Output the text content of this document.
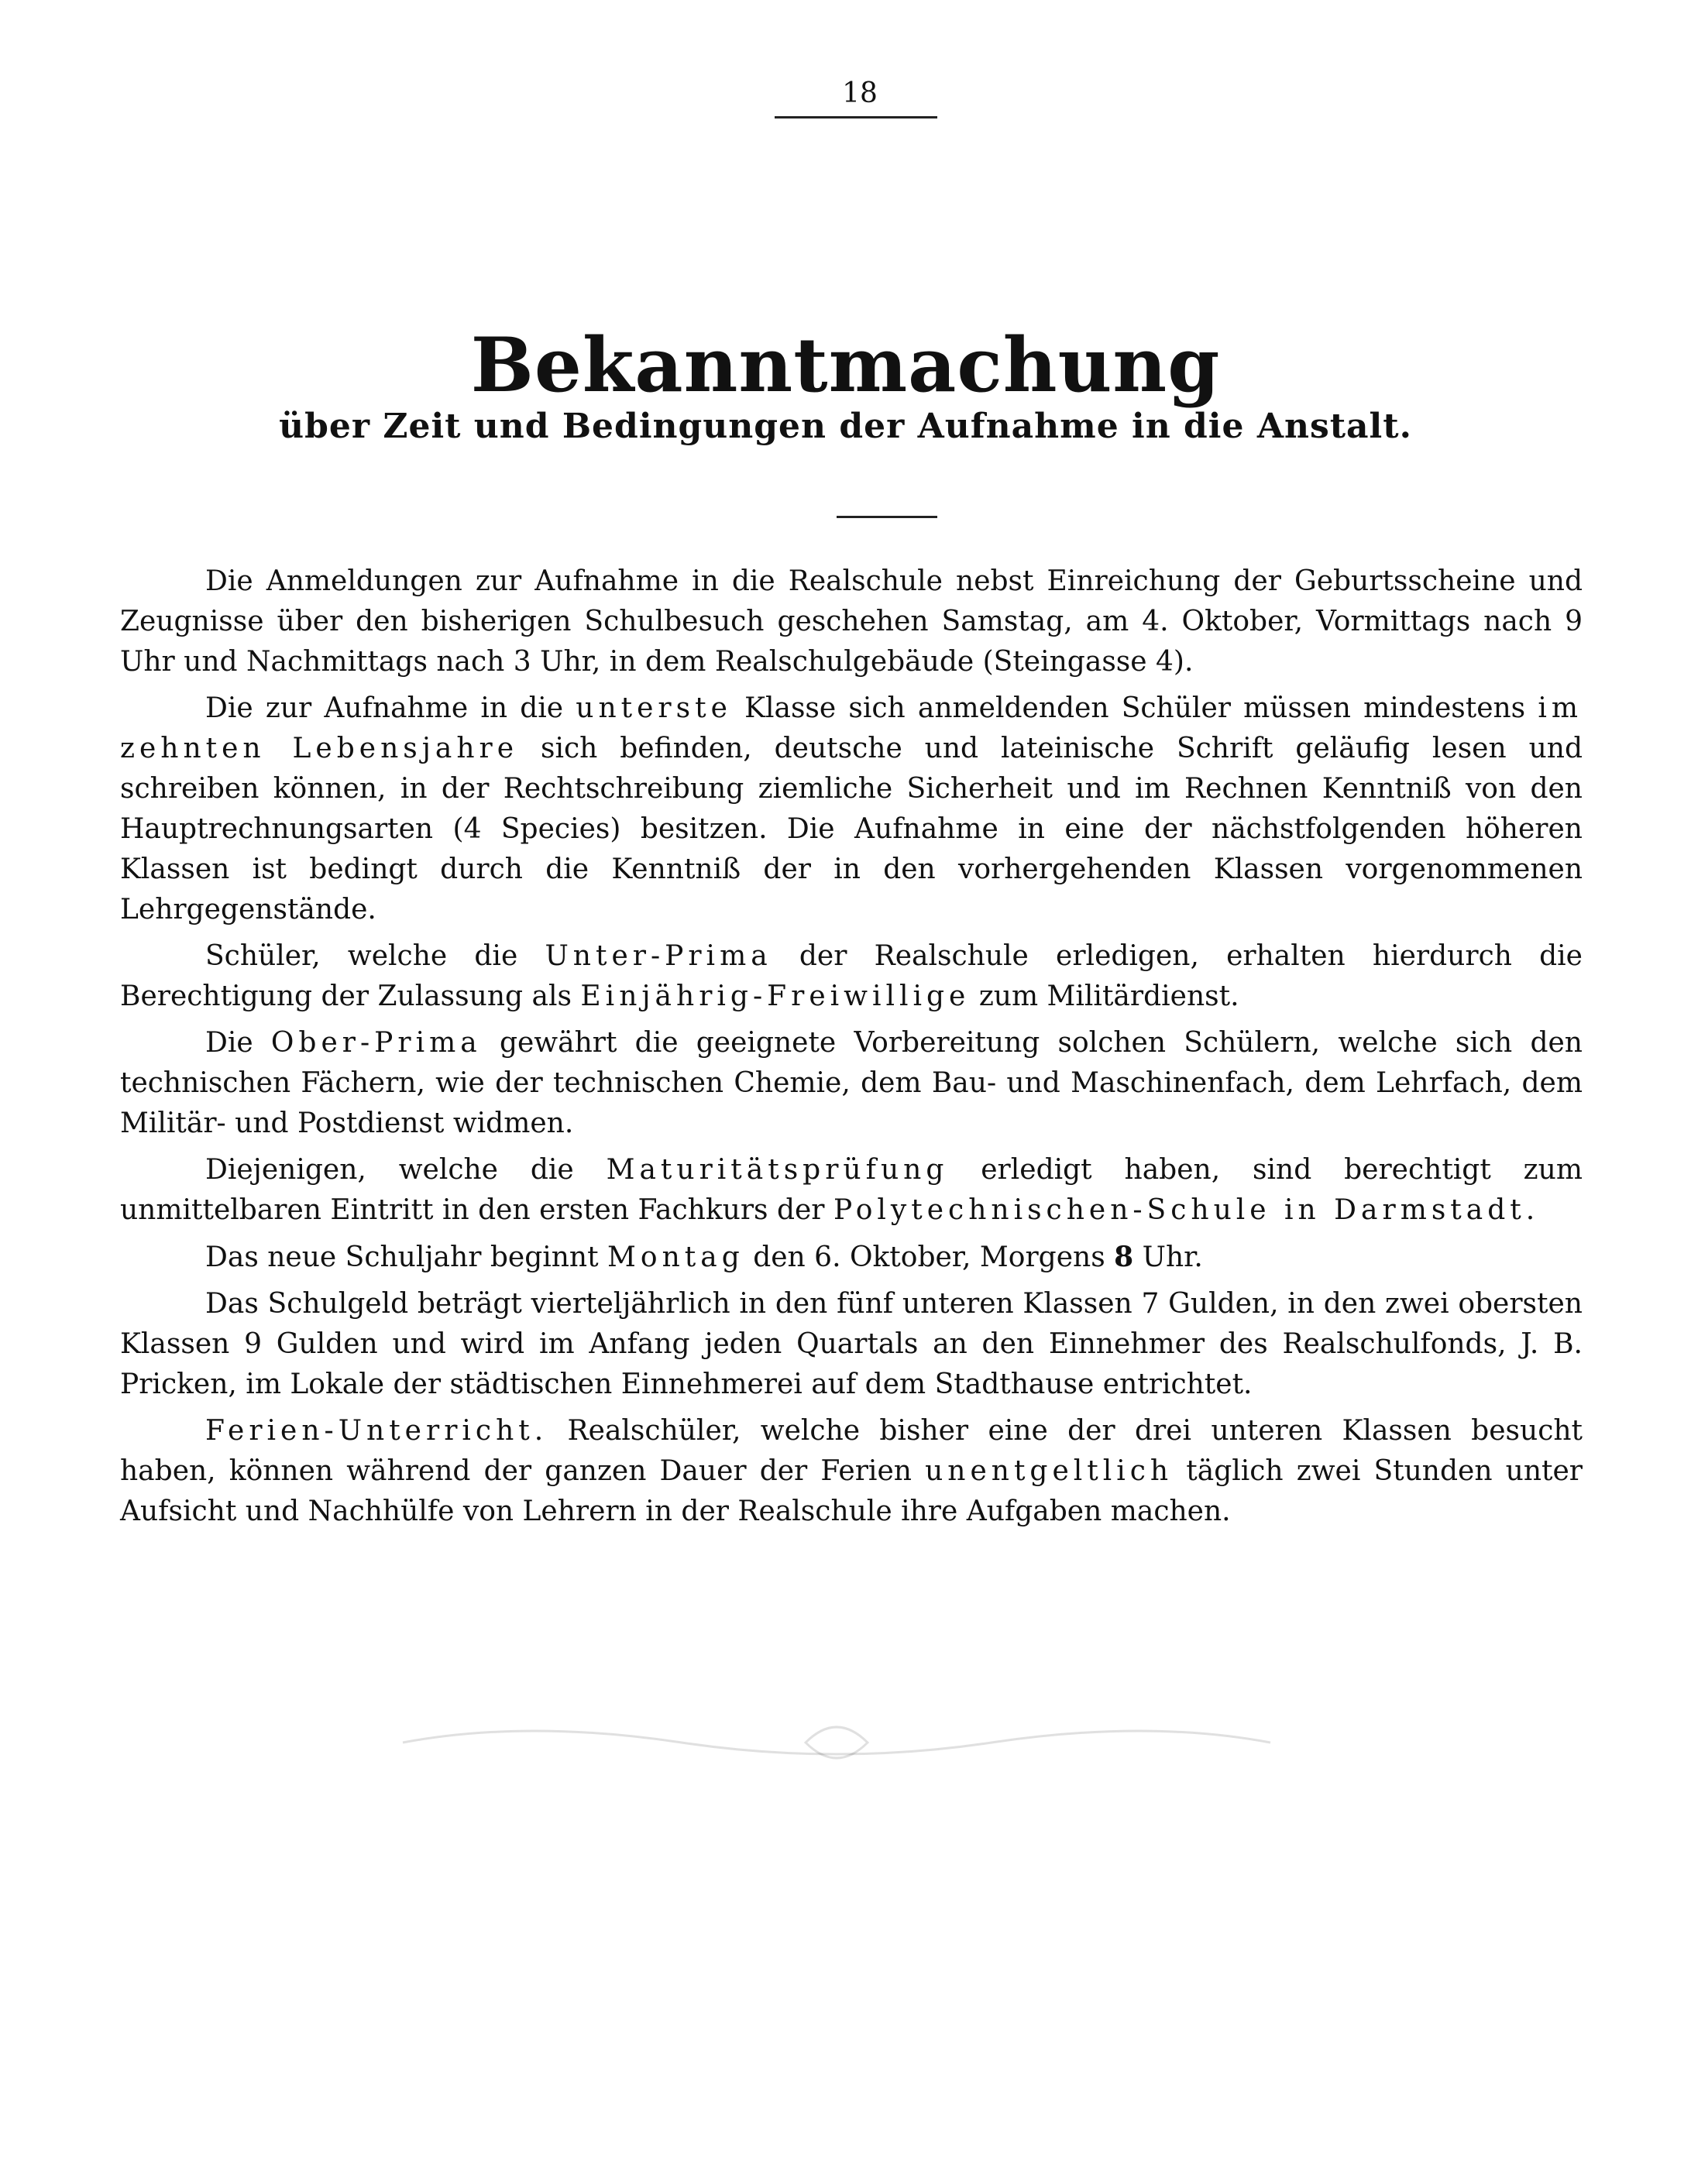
18
Bekanntmachung
über Zeit und Bedingungen der Aufnahme in die Anstalt.

Die Anmeldungen zur Aufnahme in die Realschule nebst Einreichung der Geburtsscheine und Zeugnisse über den bisherigen Schulbesuch geschehen Samstag, am 4. Oktober, Vormittags nach 9 Uhr und Nachmittags nach 3 Uhr, in dem Realschulgebäude (Steingasse 4).

Die zur Aufnahme in die unterste Klasse sich anmeldenden Schüler müssen mindestens im zehnten Lebensjahre sich befinden, deutsche und lateinische Schrift geläufig lesen und schreiben können, in der Rechtschreibung ziemliche Sicherheit und im Rechnen Kenntniß von den Hauptrechnungsarten (4 Species) besitzen. Die Aufnahme in eine der nächstfolgenden höheren Klassen ist bedingt durch die Kenntniß der in den vorhergehenden Klassen vorgenommenen Lehrgegenstände.

Schüler, welche die Unter-Prima der Realschule erledigen, erhalten hierdurch die Berechtigung der Zulassung als Einjährig-Freiwillige zum Militärdienst.

Die Ober-Prima gewährt die geeignete Vorbereitung solchen Schülern, welche sich den technischen Fächern, wie der technischen Chemie, dem Bau- und Maschinenfach, dem Lehrfach, dem Militär- und Postdienst widmen.

Diejenigen, welche die Maturitätsprüfung erledigt haben, sind berechtigt zum unmittelbaren Eintritt in den ersten Fachkurs der Polytechnischen-Schule in Darmstadt.

Das neue Schuljahr beginnt Montag den 6. Oktober, Morgens 8 Uhr.

Das Schulgeld beträgt vierteljährlich in den fünf unteren Klassen 7 Gulden, in den zwei obersten Klassen 9 Gulden und wird im Anfang jeden Quartals an den Einnehmer des Realschulfonds, J. B. Pricken, im Lokale der städtischen Einnehmerei auf dem Stadthause entrichtet.

Ferien-Unterricht. Realschüler, welche bisher eine der drei unteren Klassen besucht haben, können während der ganzen Dauer der Ferien unentgeltlich täglich zwei Stunden unter Aufsicht und Nachhülfe von Lehrern in der Realschule ihre Aufgaben machen.
